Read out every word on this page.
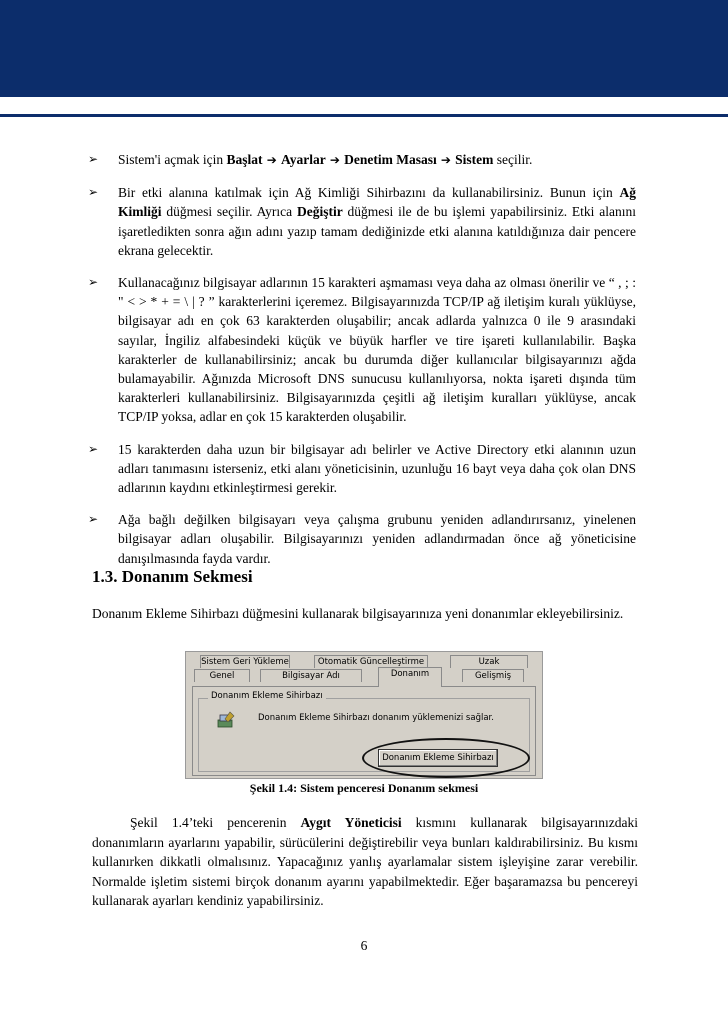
➢	Sistem'i açmak için Başlat ➔ Ayarlar ➔ Denetim Masası ➔ Sistem seçilir.
➢	Bir etki alanına katılmak için Ağ Kimliği Sihirbazını da kullanabilirsiniz. Bunun için Ağ Kimliği düğmesi seçilir. Ayrıca Değiştir düğmesi ile de bu işlemi yapabilirsiniz. Etki alanını işaretledikten sonra ağın adını yazıp tamam dediğinizde etki alanına katıldığınıza dair pencere ekrana gelecektir.
➢	Kullanacağınız bilgisayar adlarının 15 karakteri aşmaması veya daha az olması önerilir ve “ , ; : " < > * + = \ | ? ” karakterlerini içeremez. Bilgisayarınızda TCP/IP ağ iletişim kuralı yüklüyse, bilgisayar adı en çok 63 karakterden oluşabilir; ancak adlarda yalnızca 0 ile 9 arasındaki sayılar, İngiliz alfabesindeki küçük ve büyük harfler ve tire işareti kullanılabilir. Başka karakterler de kullanabilirsiniz; ancak bu durumda diğer kullanıcılar bilgisayarınızı ağda bulamayabilir. Ağınızda Microsoft DNS sunucusu kullanılıyorsa, nokta işareti dışında tüm karakterleri kullanabilirsiniz. Bilgisayarınızda çeşitli ağ iletişim kuralları yüklüyse, ancak TCP/IP yoksa, adlar en çok 15 karakterden oluşabilir.
➢	15 karakterden daha uzun bir bilgisayar adı belirler ve Active Directory etki alanının uzun adları tanımasını isterseniz, etki alanı yöneticisinin, uzunluğu 16 bayt veya daha çok olan DNS adlarının kaydını etkinleştirmesi gerekir.
➢	Ağa bağlı değilken bilgisayarı veya çalışma grubunu yeniden adlandırırsanız, yinelenen bilgisayar adları oluşabilir. Bilgisayarınızı yeniden adlandırmadan önce ağ yöneticisine danışılmasında fayda vardır.
1.3. Donanım Sekmesi
Donanım Ekleme Sihirbazı düğmesini kullanarak bilgisayarınıza yeni donanımlar ekleyebilirsiniz.
Sistem Geri Yükleme	Otomatik Güncelleştirme	Uzak
Genel	Bilgisayar Adı	Donanım	Gelişmiş
Donanım Ekleme Sihirbazı
Donanım Ekleme Sihirbazı donanım yüklemenizi sağlar.
Donanım Ekleme Sihirbazı
Şekil 1.4: Sistem penceresi Donanım sekmesi
Şekil 1.4’teki pencerenin Aygıt Yöneticisi kısmını kullanarak bilgisayarınızdaki donanımların ayarlarını yapabilir, sürücülerini değiştirebilir veya bunları kaldırabilirsiniz. Bu kısmı kullanırken dikkatli olmalısınız. Yapacağınız yanlış ayarlamalar sistem işleyişine zarar verebilir. Normalde işletim sistemi birçok donanım ayarını yapabilmektedir. Eğer başaramazsa bu pencereyi kullanarak ayarları kendiniz yapabilirsiniz.
6
